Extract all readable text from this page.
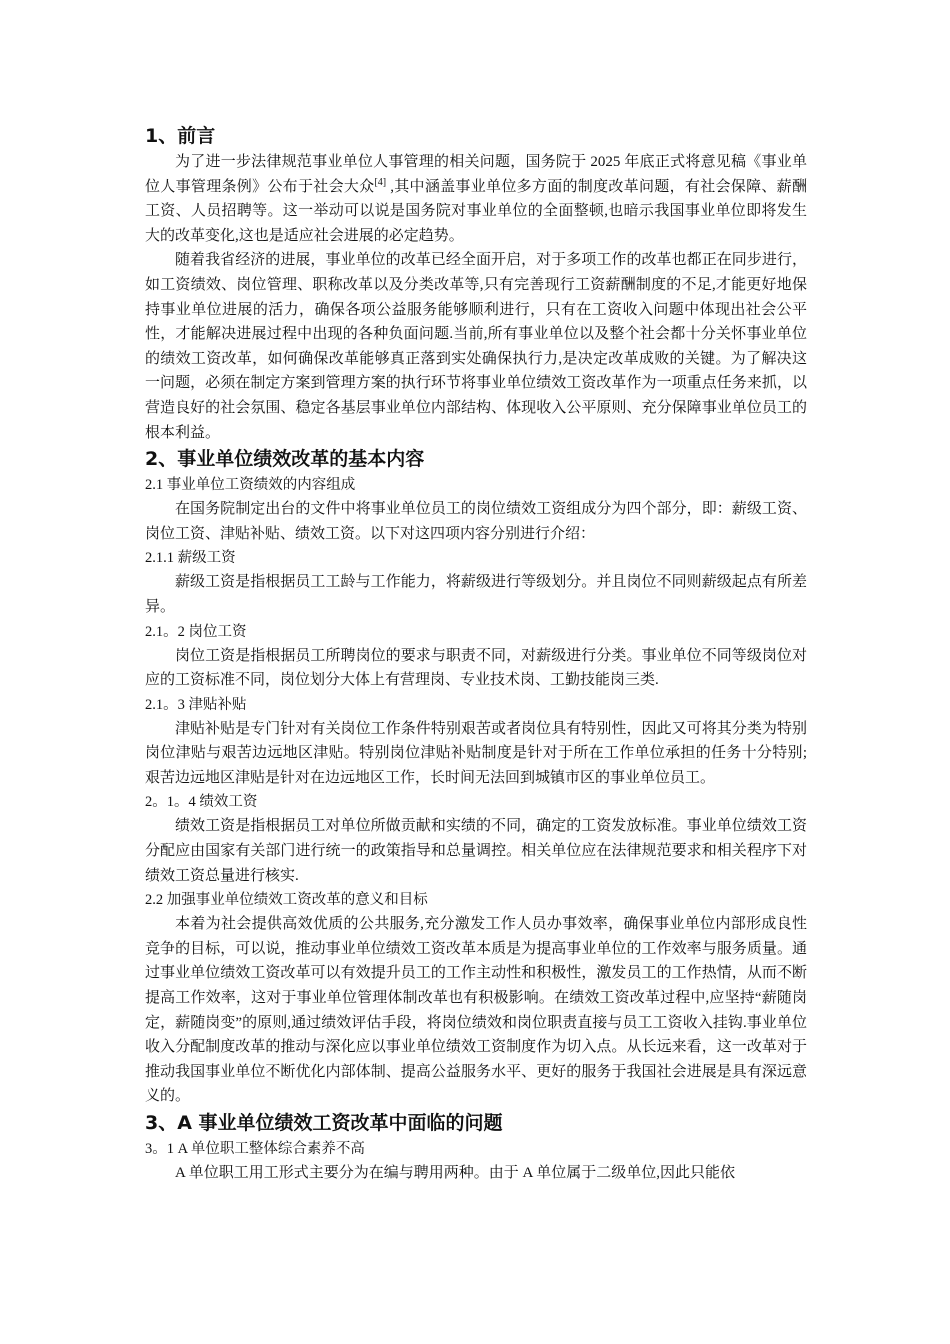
1、前言

为了进一步法律规范事业单位人事管理的相关问题，国务院于 2025 年底正式将意见稿《事业单位人事管理条例》公布于社会大众[4] ,其中涵盖事业单位多方面的制度改革问题，有社会保障、薪酬工资、人员招聘等。这一举动可以说是国务院对事业单位的全面整顿,也暗示我国事业单位即将发生大的改革变化,这也是适应社会进展的必定趋势。

随着我省经济的进展，事业单位的改革已经全面开启，对于多项工作的改革也都正在同步进行，如工资绩效、岗位管理、职称改革以及分类改革等,只有完善现行工资薪酬制度的不足,才能更好地保持事业单位进展的活力，确保各项公益服务能够顺利进行，只有在工资收入问题中体现出社会公平性，才能解决进展过程中出现的各种负面问题.当前,所有事业单位以及整个社会都十分关怀事业单位的绩效工资改革，如何确保改革能够真正落到实处确保执行力,是决定改革成败的关键。为了解决这一问题，必须在制定方案到管理方案的执行环节将事业单位绩效工资改革作为一项重点任务来抓，以营造良好的社会氛围、稳定各基层事业单位内部结构、体现收入公平原则、充分保障事业单位员工的根本利益。

2、事业单位绩效改革的基本内容

2.1 事业单位工资绩效的内容组成

在国务院制定出台的文件中将事业单位员工的岗位绩效工资组成分为四个部分，即：薪级工资、岗位工资、津贴补贴、绩效工资。以下对这四项内容分别进行介绍：

2.1.1 薪级工资

薪级工资是指根据员工工龄与工作能力，将薪级进行等级划分。并且岗位不同则薪级起点有所差异。

2.1。2 岗位工资

岗位工资是指根据员工所聘岗位的要求与职责不同，对薪级进行分类。事业单位不同等级岗位对应的工资标准不同，岗位划分大体上有营理岗、专业技术岗、工勤技能岗三类.

2.1。3 津贴补贴

津贴补贴是专门针对有关岗位工作条件特别艰苦或者岗位具有特别性，因此又可将其分类为特别岗位津贴与艰苦边远地区津贴。特别岗位津贴补贴制度是针对于所在工作单位承担的任务十分特别;艰苦边远地区津贴是针对在边远地区工作，长时间无法回到城镇市区的事业单位员工。

2。1。4 绩效工资

绩效工资是指根据员工对单位所做贡献和实绩的不同，确定的工资发放标准。事业单位绩效工资分配应由国家有关部门进行统一的政策指导和总量调控。相关单位应在法律规范要求和相关程序下对绩效工资总量进行核实.

2.2 加强事业单位绩效工资改革的意义和目标

本着为社会提供高效优质的公共服务,充分激发工作人员办事效率，确保事业单位内部形成良性竞争的目标，可以说，推动事业单位绩效工资改革本质是为提高事业单位的工作效率与服务质量。通过事业单位绩效工资改革可以有效提升员工的工作主动性和积极性，激发员工的工作热情，从而不断提高工作效率，这对于事业单位管理体制改革也有积极影响。在绩效工资改革过程中,应坚持“薪随岗定，薪随岗变”的原则,通过绩效评估手段，将岗位绩效和岗位职责直接与员工工资收入挂钩.事业单位收入分配制度改革的推动与深化应以事业单位绩效工资制度作为切入点。从长远来看，这一改革对于推动我国事业单位不断优化内部体制、提高公益服务水平、更好的服务于我国社会进展是具有深远意义的。

3、A 事业单位绩效工资改革中面临的问题

3。1 A 单位职工整体综合素养不高

A 单位职工用工形式主要分为在编与聘用两种。由于 A 单位属于二级单位,因此只能依
